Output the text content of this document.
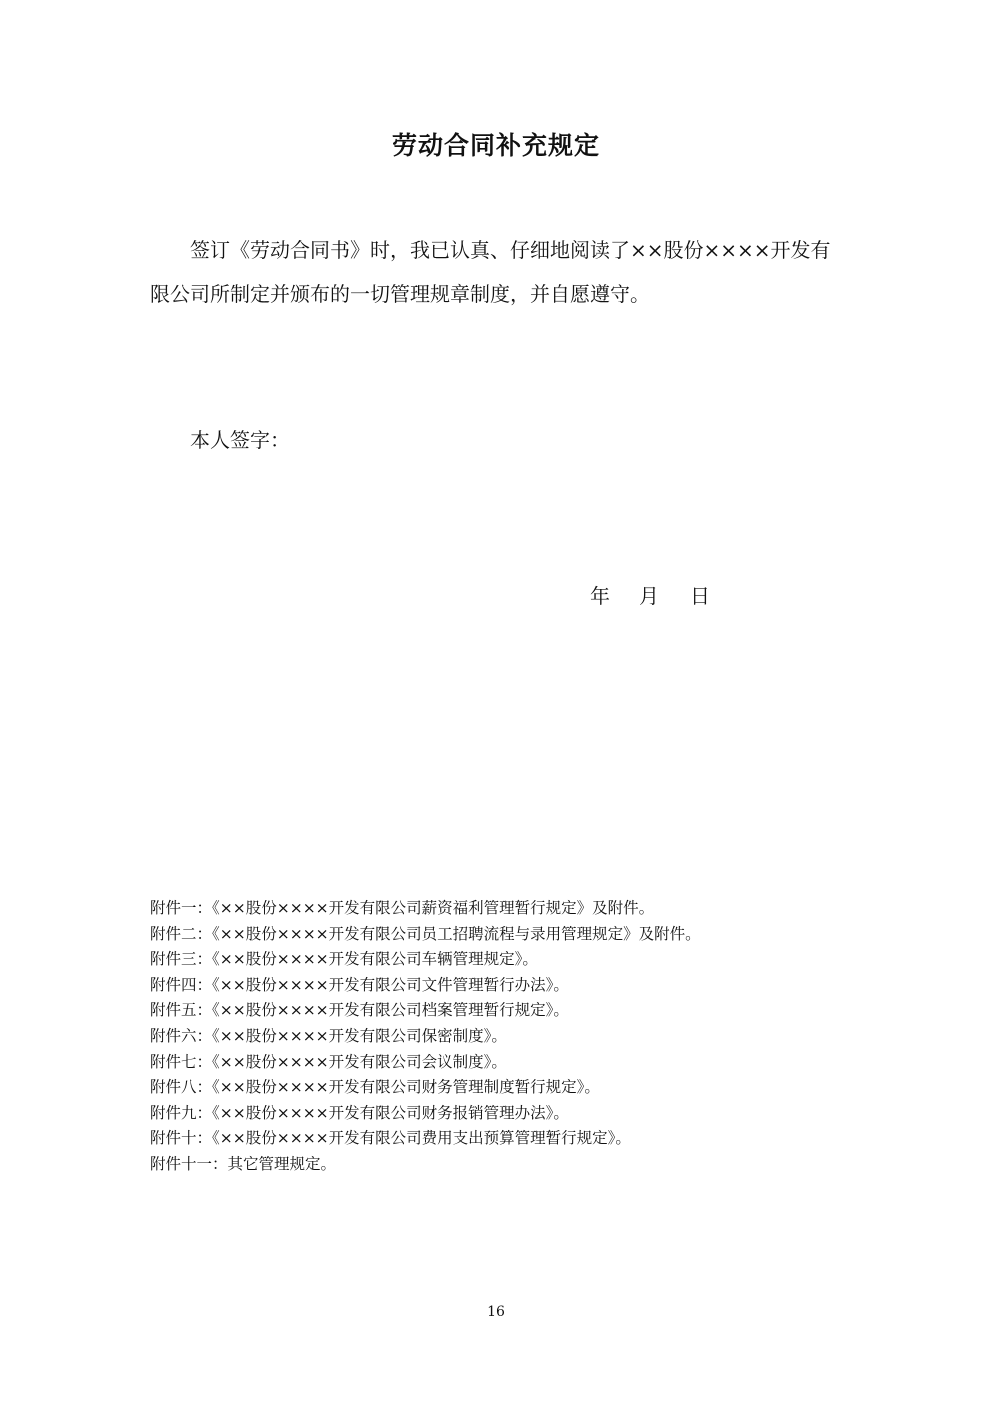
劳动合同补充规定
签订《劳动合同书》时，我已认真、仔细地阅读了××股份××××开发有
限公司所制定并颁布的一切管理规章制度，并自愿遵守。
本人签字：
年 月 日
附件一：《××股份××××开发有限公司薪资福利管理暂行规定》及附件。
附件二：《××股份××××开发有限公司员工招聘流程与录用管理规定》及附件。
附件三：《××股份××××开发有限公司车辆管理规定》。
附件四：《××股份××××开发有限公司文件管理暂行办法》。
附件五：《××股份××××开发有限公司档案管理暂行规定》。
附件六：《××股份××××开发有限公司保密制度》。
附件七：《××股份××××开发有限公司会议制度》。
附件八：《××股份××××开发有限公司财务管理制度暂行规定》。
附件九：《××股份××××开发有限公司财务报销管理办法》。
附件十：《××股份××××开发有限公司费用支出预算管理暂行规定》。
附件十一：其它管理规定。
16
